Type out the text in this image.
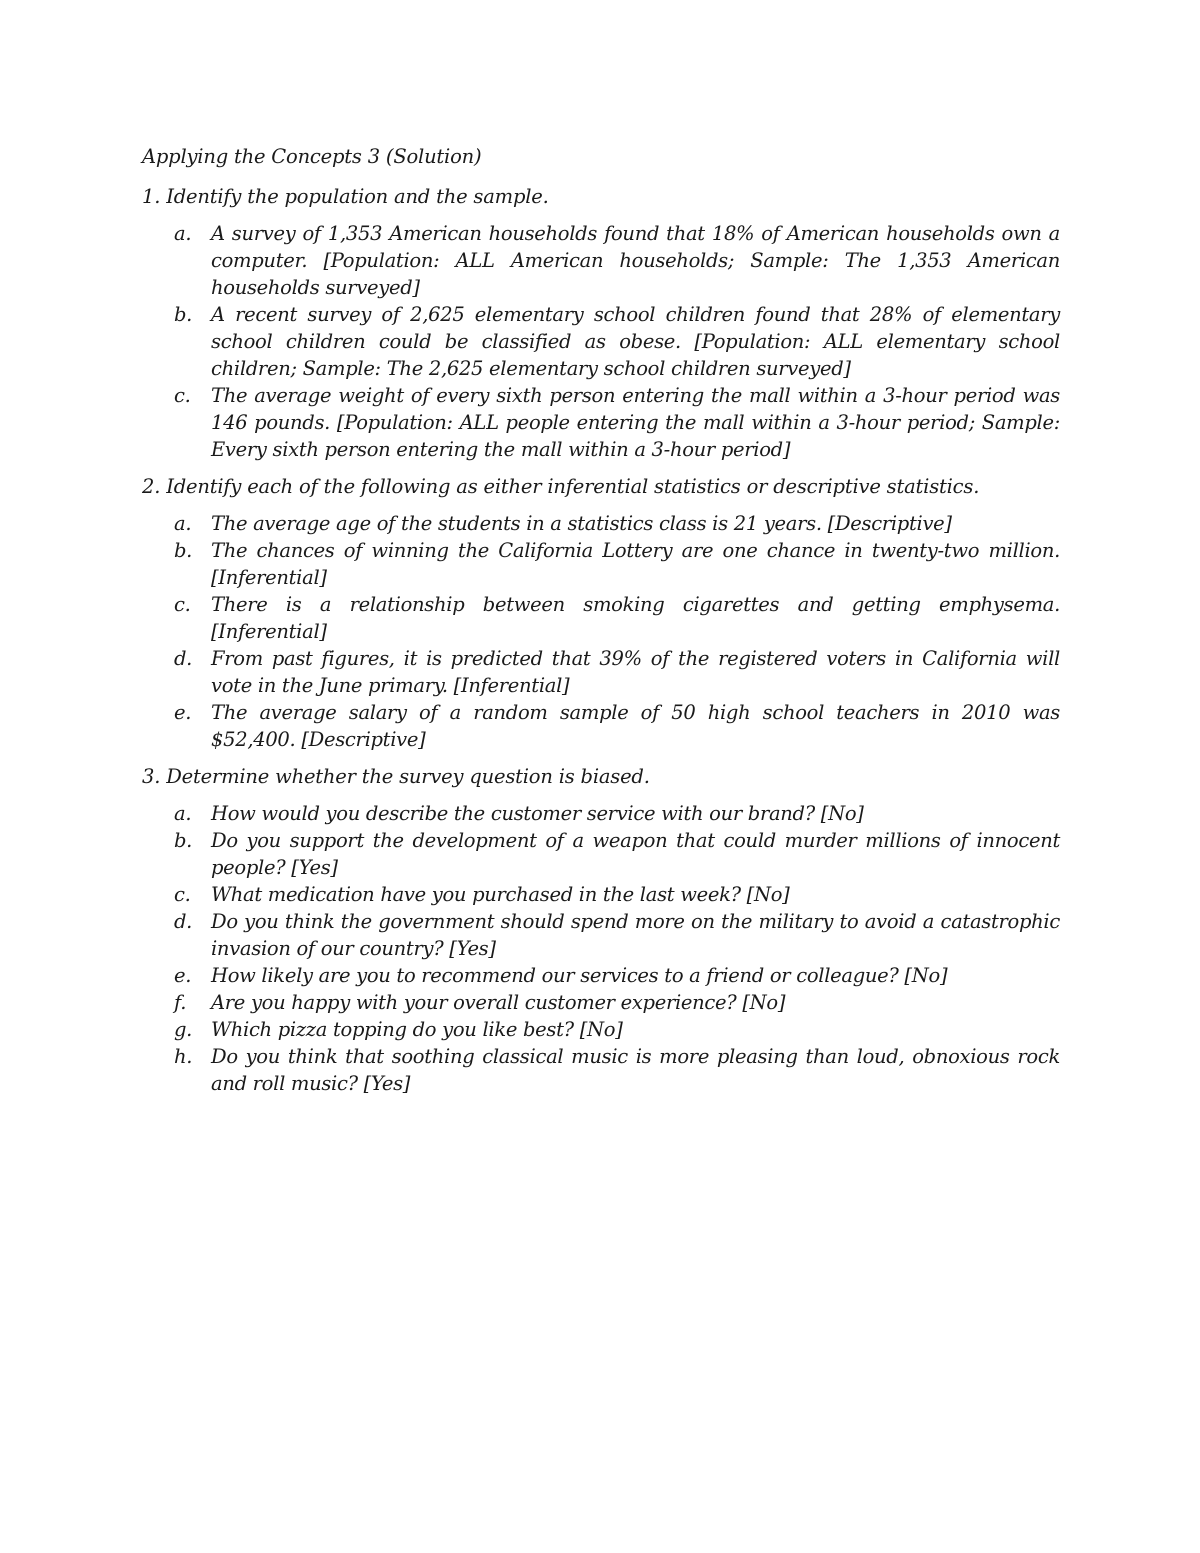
Applying the Concepts 3 (Solution)

1. Identify the population and the sample.

a.	A survey of 1,353 American households found that 18% of American households own a computer. [Population: ALL American households; Sample: The 1,353 American households surveyed]
b. A recent survey of 2,625 elementary school children found that 28% of elementary school children could be classified as obese. [Population: ALL elementary school children; Sample: The 2,625 elementary school children surveyed]
c.	The average weight of every sixth person entering the mall within a 3-hour period was 146 pounds. [Population: ALL people entering the mall within a 3-hour period; Sample: Every sixth person entering the mall within a 3-hour period]

2. Identify each of the following as either inferential statistics or descriptive statistics.

a.	The average age of the students in a statistics class is 21 years. [Descriptive]
b. The chances of winning the California Lottery are one chance in twenty-two million. [Inferential]
c.	There is a relationship between smoking cigarettes and getting emphysema. [Inferential]
d. From past figures, it is predicted that 39% of the registered voters in California will vote in the June primary. [Inferential]
e.	The average salary of a random sample of 50 high school teachers in 2010 was $52,400. [Descriptive]

3. Determine whether the survey question is biased.

a.	How would you describe the customer service with our brand? [No]
b. Do you support the development of a weapon that could murder millions of innocent people? [Yes]
c.	What medication have you purchased in the last week? [No]
d. Do you think the government should spend more on the military to avoid a catastrophic invasion of our country? [Yes]
e.	How likely are you to recommend our services to a friend or colleague? [No]
f.	Are you happy with your overall customer experience? [No]
g. Which pizza topping do you like best? [No]
h. Do you think that soothing classical music is more pleasing than loud, obnoxious rock and roll music? [Yes]
